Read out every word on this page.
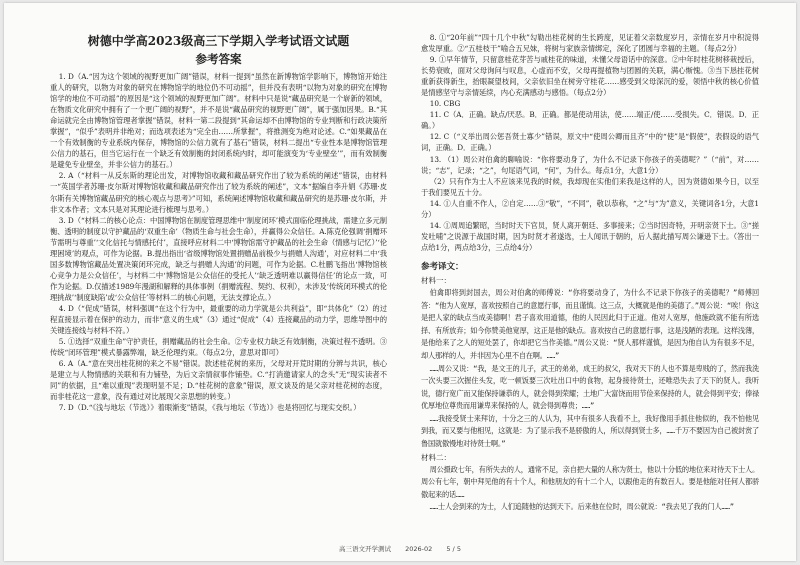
树德中学高2023级高三下学期入学考试语文试题
参考答案

1. D（A.“因为这个领域的视野更加广阔”错误，材料一提到“虽然在新博物馆学影响下，博物馆开始注重人的研究，以物为对象的研究在博物馆学的地位仍不可动摇”，但并没有表明“以物为对象的研究在博物馆学的地位不可动摇”的原因是“这个领域的视野更加广阔”。材料中只是说“藏品研究是一个崭新的领域，在物质文化研究中拥有了一个更广阔的视野”，并不是说“藏品研究的视野更广阔”，属于强加因果。B.“其命运就完全由博物馆管理者掌握”错误，材料一第二段提到“其命运却不由博物馆的专业判断和行政决策所掌握”，“似乎”表明并非绝对；而选项表述为“完全由……所掌握”，将推测变为绝对论述。C.“如果藏品在一个有效制衡的专业系统内保存，博物馆的公信力就有了基石”错误，材料二提出“专业性本是博物馆管理公信力的基石，但当它运行在一个缺乏有效制衡的封闭系统内时，却可能演变为‘专业壁垒’”，而有效制衡是避免专业壁垒，并非公信力的基石。）

2. A（“材料一从反东斯的理论出发，对博物馆收藏和藏品研究作出了较为系统的阐述”错误，由材料一“英国学者苏珊·皮尔斯对博物馆收藏和藏品研究作出了较为系统的阐述”，文本“据编自李升娟《苏珊·皮尔斯有关博物馆藏品研究的核心观点与思考》”可知，系统阐述博物馆收藏和藏品研究的是苏珊·皮尔斯，并非文本作者；文本只是对其理论进行梳理与思考。）

3. D（“材料二的核心论点：中国博物馆在制度管理思维中‘制度闭环’模式面临伦理挑战，需建立多元制衡、透明的制度以守护藏品的‘双重生命’（物质生命与社会生命），并赢得公众信任。A.陈克伦强调‘捐赠环节需明与尊重’‘文化信托与情感托付’，直接呼应材料二中‘博物馆需守护藏品的社会生命（情感与记忆）’‘伦理困境’的观点，可作为论据。B.提出指出‘省级博物馆处置捐赠品前极少与捐赠人沟通’，对应材料二中‘我国多数博物馆藏品处置决策闭环完成，缺乏与捐赠人沟通’的问题，可作为论据。C.杜鹏飞指出‘博物馆核心竞争力是公众信任’，与材料二中‘博物馆是公众信任的受托人’‘缺乏透明难以赢得信任’的论点一致，可作为论据。D.仅描述1989年漫湖和解释的具体事例（捐赠流程、契约、权利），未涉及‘传统闭环模式的伦理挑战’‘制度缺陷’或‘公众信任’等材料二的核心问题，无法支撑论点。）

4. D（“促成”错误，材料强调“在这个行为中，最重要的动力学就是公共利益”，即“共体化”（2）的过程直接显示着在保护的动力，而非“意义的生成”（3）通过“促成”（4）连接藏品的动力学，思维导图中的关键连接线与材料不符。）

5. ①选择“双重生命”守护责任，捐赠藏品的社会生命。②专业权力缺乏有效制衡，决策过程不透明。③传统“闭环管理”模式暴露弊端，缺乏伦理约束。（每点2分，意思对即可）

6. A（A.“意在突出桂花树的来之不易”错误。款述桂花树的来历，父母对开荒时期的分辨与共识，核心是建立与人物情感的关联和有力铺垫，为后文亲情叙事作铺垫。C.“打消邀请家人的念头”无“现实读者不同”的依据，且“难以重现”表现明显不足；D.“桂花树的意象”错误，原文谈及的是父亲对桂花树的态度，而非桂花这一意象，没有通过对比展现父亲思想的转变。）

7. D（D.“《浅与地坛（节选）》着眼渐变”错误，《我与地坛（节选）》也是将回忆与现实交织。）

8. ①“20年前”“四十几个中秋”勾勒出桂花树的生长跨度，见证着父亲数度岁月，亲情在岁月中积淀得愈发厚重。②“五桂枝干”喻合五兄妹，将树与家族亲情绑定，深化了团圆与幸福的主题。（每点2分）

9. ①早年情节，只留意桂花芽苦与戚桂花的味道，未懂父母语话中的深意。②中年时桂花树移栽授后，长势衰败，面对父母询问与叹息，心虚而不安，父母再提植物与团圆的关联，满心惭愧。③当下恳挂花树重新获得新生，抬眼凝望枝间，父亲依旧坐在树旁守桂花……感受到父母深沉的爱，领悟中秋的核心价值是情感坚守与亲情延续，内心充满感动与感悟。（每点2分）

10. CBG

11. C（A．正确。缺点/厌恶。B．正确。都是使动用法，使……端正/使……受损失。C．错误。D．正确。）

12. C（“义举出周公惩吾贤士寡少”错误，原文中“使周公卿而且齐”中的“使”是“假使”，表假设的语气词，正确。D．正确。）

13. （1）周公对伯禽的聊喻说：“你将要动身了，为什么不记录下你孩子的美德呢？”（“前”，对……说；“志”，记录；“之”，句尾语气词，“何”，为什么。每点1分，大意1分）

（2）只有作为士人不应该来见我的时候，我却现在实他们来我是这样的人，因为贤德如果今日，以至于我们要见五十分。

14. ①人自重不作人，②自定……③“敬”，“不同”，敬以恭称，“之”与“为”意义，关键词各1分，大意1分）

14. ①周周追繁昭，当时时天下官员，贤人离开朝廷、多事接来；②当时因奇特，开明亲贤下士。③“搓发吐哺”之说源于战国时期，因为时贤才者遂选，士人闻讯于朝的，后人据此描写周公谦逊下士。（答出一点给1分，两点给3分，三点给4分）

参考译文：
材料一：

伯禽即将到封国去，周公对伯禽的师傅说：“你将要动身了，为什么不记录下你孩子的美德呢？”师傅回答：“他为人宽厚，喜欢按照自己的意愿行事，而且谨慎。这三点，大概就是他的美德了。”周公说：“唉！你这是把人家的缺点当成美德啊！君子喜欢用道德，他的人民因此归于正道。他对人宽厚，他施政就不能有所选择、有所放弃；如今你赞美他宽厚，这正是他的缺点。喜欢按自己的意愿行事，这是浅陋的表现。这样浅薄，是他给来了之人的短处罢了，你却把它当作美德。”周公又说：“贤人那样谨慎，是因为他自认为有很多不足，却人那样的人，并非因为心里不自在啊。……”

……周公又说：“我，是文王的儿子，武王的弟弟，成王的叔父，我对天下的人也不算是卑贱的了，然而我洗一次头要三次握住头发，吃一顿饭要三次吐出口中的食物，起身接待贤士，还唯恐失去了天下的贤人。我听说，德行宽广而又能保持谦恭的人，就会得到荣耀；土地广大富饶而用节俭来保持的人，就会得到平安；俸禄优厚地位尊贵而用谦卑来保持的人，就会得到尊贵；……”

……我接受贤士来拜访，十分之三的人认为，其中有很多人我看不上，我好像用手抓住他似的，我不怕他见到我，而又要与他相见，这就是：为了显示我不是骄傲的人，所以得到贤士多，……千万不要因为自己被封赏了鲁国就傲慢地对待贤士啊。”

材料二：

周公摄政七年，有所失去的人，通常不足，亲自把大量的人称为贤士，他以十分低的地位来对待天下士人。周公有七年，朝中拜见他的有十个人，和他朋友的有十二个人，以跟他走的有数百人。要是他能对任何人都骄傲起来的话……

……士人会到来的为士，人们追随他的达到天下。后来他在位时，周公就说：“我去见了我的门人……”

高三语文开学测试 2026-02 5 / 5
